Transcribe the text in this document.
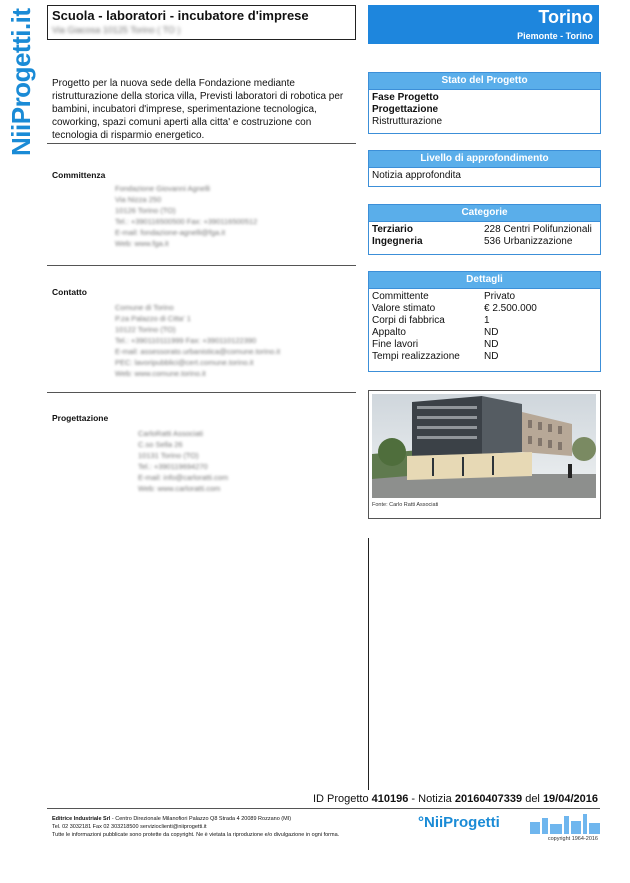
NiiProgetti.it Scuola - laboratori - incubatore d'imprese
Via Giacosa 10125 Torino ( TO )
Torino
Piemonte - Torino
Progetto per la nuova sede della Fondazione mediante ristrutturazione della storica villa, Previsti laboratori di robotica per bambini, incubatori d'imprese, sperimentazione tecnologica, coworking, spazi comuni aperti alla citta' e costruzione con tecnologia di risparmio energetico.
Committenza
Fondazione Giovanni Agnelli
Via Nizza 250
10126 Torino (TO)
Tel.: +390116500500 Fax: +390116500512
E-mail: fondazione-agnelli@fga.it
Web: www.fga.it
Contatto
Comune di Torino
P.za Palazzo di Citta' 1
10122 Torino (TO)
Tel.: +390110111999 Fax: +390110122390
E-mail: assessorato.urbanistica@comune.torino.it
PEC: lavoripubblici@cert.comune.torino.it
Web: www.comune.torino.it
Progettazione
CarloRatti Associati
C.so Sella 26
10131 Torino (TO)
Tel.: +390119694270
E-mail: info@carloratti.com
Web: www.carloratti.com
Stato del Progetto
Fase Progetto
Progettazione
Ristrutturazione
Livello di approfondimento
Notizia approfondita
Categorie
Terziario	228 Centri Polifunzionali
Ingegneria	536 Urbanizzazione
Dettagli
Committente	Privato
Valore stimato	€ 2.500.000
Corpi di fabbrica	1
Appalto	ND
Fine lavori	ND
Tempi realizzazione	ND
Fonte: Carlo Ratti Associati
ID Progetto 410196 - Notizia 20160407339 del 19/04/2016
Editrice Industriale Srl - Centro Direzionale Milanofiori Palazzo Q8 Strada 4 20089 Rozzano (MI)
Tel. 02 3032181 Fax 02 303218500 servizioclienti@niiprogetti.it
Tutte le informazioni pubblicate sono protette da copyright. Ne è vietata la riproduzione e/o divulgazione in ogni forma.
°NiiProgetti
copyright 1964-2016
